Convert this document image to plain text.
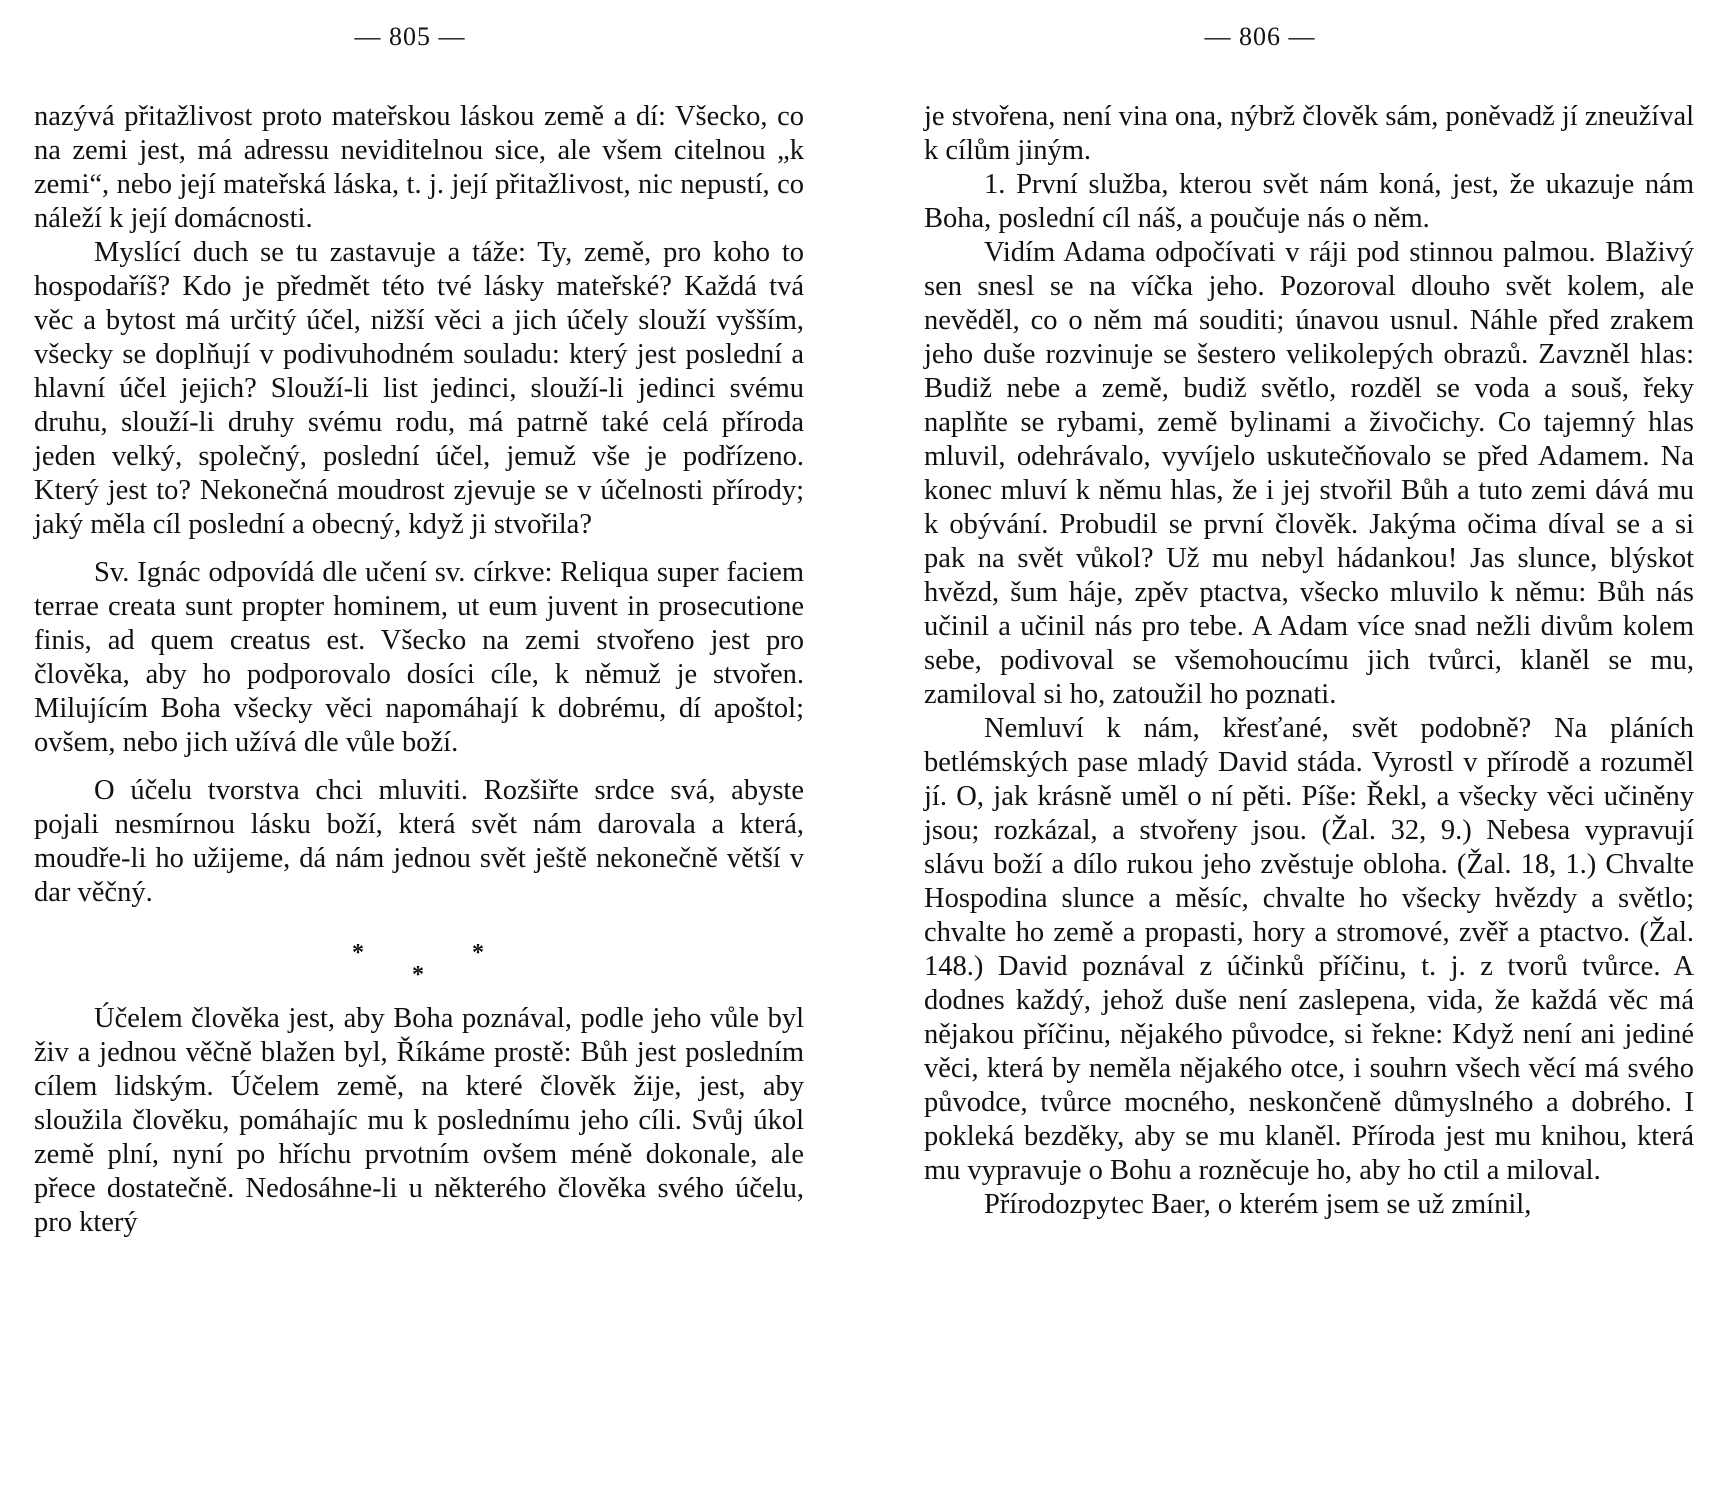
— 805 —

nazývá přitažlivost proto mateřskou láskou země a dí: Všecko, co na zemi jest, má adressu neviditelnou sice, ale všem citelnou „k zemi“, nebo její mateřská láska, t. j. její přitažlivost, nic nepustí, co náleží k její domácnosti.

Myslící duch se tu zastavuje a táže: Ty, země, pro koho to hospodaříš? Kdo je předmět této tvé lásky mateřské? Každá tvá věc a bytost má určitý účel, nižší věci a jich účely slouží vyšším, všecky se doplňují v podivuhodném souladu: který jest poslední a hlavní účel jejich? Slouží-li list jedinci, slouží-li jedinci svému druhu, slouží-li druhy svému rodu, má patrně také celá příroda jeden velký, společný, poslední účel, jemuž vše je podřízeno. Který jest to? Nekonečná moudrost zjevuje se v účelnosti přírody; jaký měla cíl poslední a obecný, když ji stvořila?

Sv. Ignác odpovídá dle učení sv. církve: Reliqua super faciem terrae creata sunt propter hominem, ut eum juvent in prosecutione finis, ad quem creatus est. Všecko na zemi stvořeno jest pro člověka, aby ho podporovalo dosíci cíle, k němuž je stvořen. Milujícím Boha všecky věci napomáhají k dobrému, dí apoštol; ovšem, nebo jich užívá dle vůle boží.

O účelu tvorstva chci mluviti. Rozšiřte srdce svá, abyste pojali nesmírnou lásku boží, která svět nám darovala a která, moudře-li ho užijeme, dá nám jednou svět ještě nekonečně větší v dar věčný.

*
*
*

Účelem člověka jest, aby Boha poznával, podle jeho vůle byl živ a jednou věčně blažen byl, Říkáme prostě: Bůh jest posledním cílem lidským. Účelem země, na které člověk žije, jest, aby sloužila člověku, pomáhajíc mu k poslednímu jeho cíli. Svůj úkol země plní, nyní po hříchu prvotním ovšem méně dokonale, ale přece dostatečně. Nedosáhne-li u některého člověka svého účelu, pro který

— 806 —

je stvořena, není vina ona, nýbrž člověk sám, poněvadž jí zneužíval k cílům jiným.

1. První služba, kterou svět nám koná, jest, že ukazuje nám Boha, poslední cíl náš, a poučuje nás o něm.

Vidím Adama odpočívati v ráji pod stinnou palmou. Blaživý sen snesl se na víčka jeho. Pozoroval dlouho svět kolem, ale nevěděl, co o něm má souditi; únavou usnul. Náhle před zrakem jeho duše rozvinuje se šestero velikolepých obrazů. Zavzněl hlas: Budiž nebe a země, budiž světlo, rozděl se voda a souš, řeky naplňte se rybami, země bylinami a živočichy. Co tajemný hlas mluvil, odehrávalo, vyvíjelo uskutečňovalo se před Adamem. Na konec mluví k němu hlas, že i jej stvořil Bůh a tuto zemi dává mu k obývání. Probudil se první člověk. Jakýma očima díval se a si pak na svět vůkol? Už mu nebyl hádankou! Jas slunce, blýskot hvězd, šum háje, zpěv ptactva, všecko mluvilo k němu: Bůh nás učinil a učinil nás pro tebe. A Adam více snad nežli divům kolem sebe, podivoval se všemohoucímu jich tvůrci, klaněl se mu, zamiloval si ho, zatoužil ho poznati.

Nemluví k nám, křesťané, svět podobně? Na pláních betlémských pase mladý David stáda. Vyrostl v přírodě a rozuměl jí. O, jak krásně uměl o ní pěti. Píše: Řekl, a všecky věci učiněny jsou; rozkázal, a stvořeny jsou. (Žal. 32, 9.) Nebesa vypravují slávu boží a dílo rukou jeho zvěstuje obloha. (Žal. 18, 1.) Chvalte Hospodina slunce a měsíc, chvalte ho všecky hvězdy a světlo; chvalte ho země a propasti, hory a stromové, zvěř a ptactvo. (Žal. 148.) David poznával z účinků příčinu, t. j. z tvorů tvůrce. A dodnes každý, jehož duše není zaslepena, vida, že každá věc má nějakou příčinu, nějakého původce, si řekne: Když není ani jediné věci, která by neměla nějakého otce, i souhrn všech věcí má svého původce, tvůrce mocného, neskončeně důmyslného a dobrého. I pokleká bezděky, aby se mu klaněl. Příroda jest mu knihou, která mu vypravuje o Bohu a rozněcuje ho, aby ho ctil a miloval.

Přírodozpytec Baer, o kterém jsem se už zmínil,
